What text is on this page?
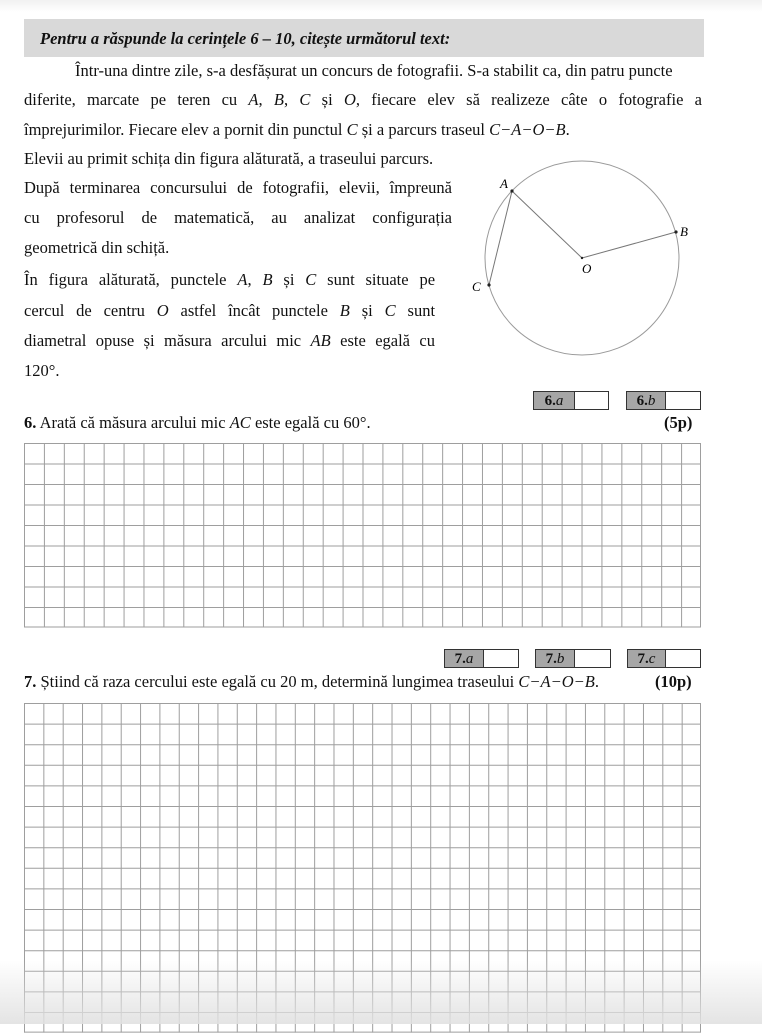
Pentru a răspunde la cerințele 6 – 10, citește următorul text:
Într-una dintre zile, s-a desfășurat un concurs de fotografii. S-a stabilit ca, din patru puncte
diferite, marcate pe teren cu A, B, C și O, fiecare elev să realizeze câte o fotografie a
împrejurimilor. Fiecare elev a pornit din punctul C și a parcurs traseul C−A−O−B.
Elevii au primit schița din figura alăturată, a traseului parcurs.
După terminarea concursului de fotografii, elevii, împreună
cu profesorul de matematică, au analizat configurația
geometrică din schiță.
În figura alăturată, punctele A, B și C sunt situate pe
cercul de centru O astfel încât punctele B și C sunt
diametral opuse și măsura arcului mic AB este egală cu
120°.
A
B
C
O
6.a	6.b
6. Arată că măsura arcului mic AC este egală cu 60°.	(5p)
7.a	7.b	7.c
7. Știind că raza cercului este egală cu 20 m, determină lungimea traseului C−A−O−B.	(10p)
